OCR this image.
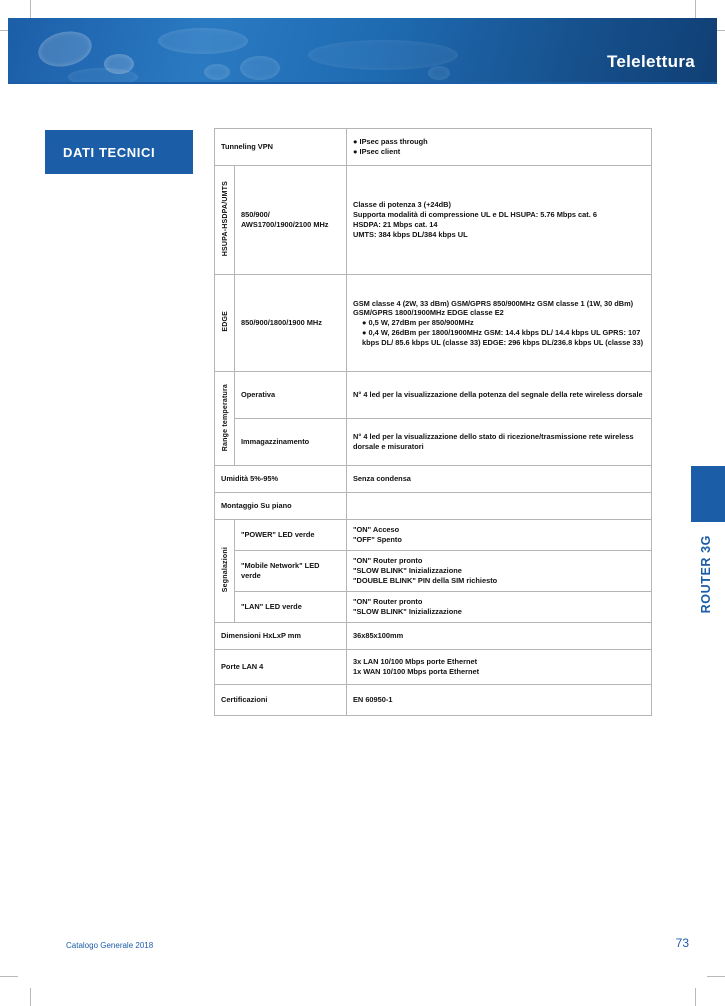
Telelettura
ROUTER 3G
DATI TECNICI	Tunneling VPN		● IPsec pass through
● IPsec client

HSUPA-HSDPA/UMTS	850/900/ AWS1700/1900/2100 MHz	Classe di potenza 3 (+24dB)
Supporta modalità di compressione UL e DL HSUPA: 5.76 Mbps cat. 6
HSDPA: 21 Mbps cat. 14
UMTS: 384 kbps DL/384 kbps UL

EDGE	850/900/1800/1900 MHz	GSM classe 4 (2W, 33 dBm) GSM/GPRS 850/900MHz GSM classe 1 (1W, 30 dBm) GSM/GPRS 1800/1900MHz EDGE classe E2
● 0,5 W, 27dBm per 850/900MHz
● 0,4 W, 26dBm per 1800/1900MHz GSM: 14.4 kbps DL/ 14.4 kbps UL GPRS: 107 kbps DL/ 85.6 kbps UL (classe 33) EDGE: 296 kbps DL/236.8 kbps UL (classe 33)

Range temperatura	Operativa	N° 4 led per la visualizzazione della potenza del segnale della rete wireless dorsale

	Immagazzinamento	N° 4 led per la visualizzazione dello stato di ricezione/trasmissione rete wireless dorsale e misuratori

Umidità 5%-95%		Senza condensa

Montaggio Su piano		

Segnalazioni	"POWER" LED verde	"ON" Acceso
"OFF" Spento

	"Mobile Network" LED verde	"ON" Router pronto
"SLOW BLINK" Inizializzazione
"DOUBLE BLINK" PIN della SIM richiesto

	"LAN" LED verde	"ON" Router pronto
"SLOW BLINK" Inizializzazione

Dimensioni HxLxP mm		36x85x100mm

Porte LAN 4		3x LAN 10/100 Mbps porte Ethernet
1x WAN 10/100 Mbps porta Ethernet

Certificazioni		EN 60950-1
Catalogo Generale 2018	73
